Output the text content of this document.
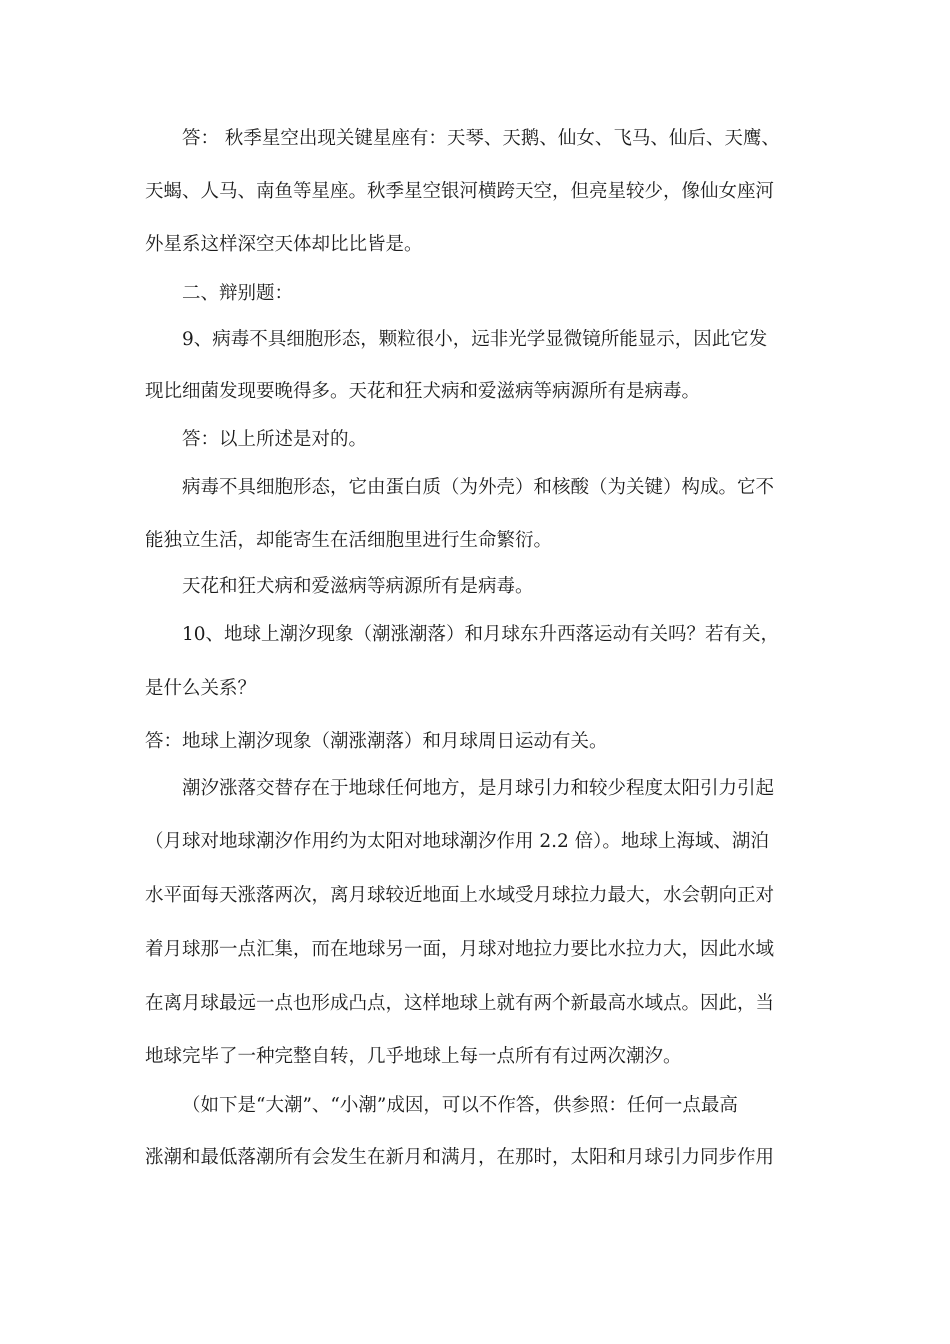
答： 秋季星空出现关键星座有：天琴、天鹅、仙女、飞马、仙后、天鹰、
天蝎、人马、南鱼等星座。秋季星空银河横跨天空，但亮星较少，像仙女座河
外星系这样深空天体却比比皆是。
二、辩别题：
9、病毒不具细胞形态，颗粒很小，远非光学显微镜所能显示，因此它发
现比细菌发现要晚得多。天花和狂犬病和爱滋病等病源所有是病毒。
答：以上所述是对的。
病毒不具细胞形态，它由蛋白质（为外壳）和核酸（为关键）构成。它不
能独立生活，却能寄生在活细胞里进行生命繁衍。
天花和狂犬病和爱滋病等病源所有是病毒。
10、地球上潮汐现象（潮涨潮落）和月球东升西落运动有关吗？若有关，
是什么关系？
答：地球上潮汐现象（潮涨潮落）和月球周日运动有关。
潮汐涨落交替存在于地球任何地方，是月球引力和较少程度太阳引力引起
（月球对地球潮汐作用约为太阳对地球潮汐作用 2.2 倍）。地球上海域、湖泊
水平面每天涨落两次，离月球较近地面上水域受月球拉力最大，水会朝向正对
着月球那一点汇集，而在地球另一面，月球对地拉力要比水拉力大，因此水域
在离月球最远一点也形成凸点，这样地球上就有两个新最高水域点。因此，当
地球完毕了一种完整自转，几乎地球上每一点所有有过两次潮汐。
（如下是“大潮”、“小潮”成因，可以不作答，供参照：任何一点最高
涨潮和最低落潮所有会发生在新月和满月，在那时，太阳和月球引力同步作用
